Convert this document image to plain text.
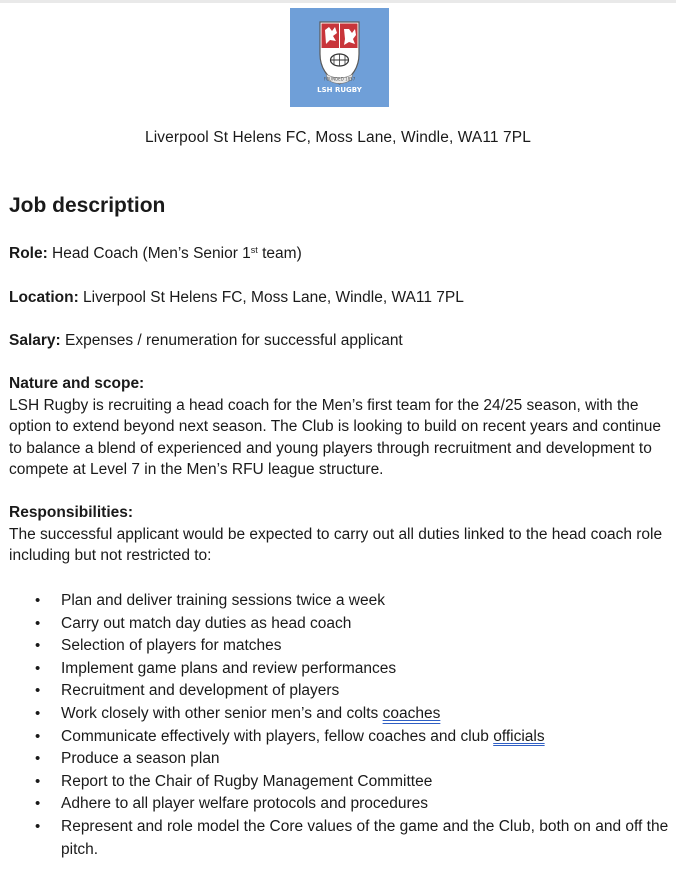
FOUNDED 1857
LSH RUGBY
Liverpool St Helens FC, Moss Lane, Windle, WA11 7PL
Job description
Role: Head Coach (Men’s Senior 1st team)
Location: Liverpool St Helens FC, Moss Lane, Windle, WA11 7PL
Salary: Expenses / renumeration for successful applicant
Nature and scope:
LSH Rugby is recruiting a head coach for the Men’s first team for the 24/25 season, with the option to extend beyond next season. The Club is looking to build on recent years and continue to balance a blend of experienced and young players through recruitment and development to compete at Level 7 in the Men’s RFU league structure.
Responsibilities:
The successful applicant would be expected to carry out all duties linked to the head coach role including but not restricted to:
• Plan and deliver training sessions twice a week
• Carry out match day duties as head coach
• Selection of players for matches
• Implement game plans and review performances
• Recruitment and development of players
• Work closely with other senior men’s and colts coaches
• Communicate effectively with players, fellow coaches and club officials
• Produce a season plan
• Report to the Chair of Rugby Management Committee
• Adhere to all player welfare protocols and procedures
• Represent and role model the Core values of the game and the Club, both on and off the pitch.
